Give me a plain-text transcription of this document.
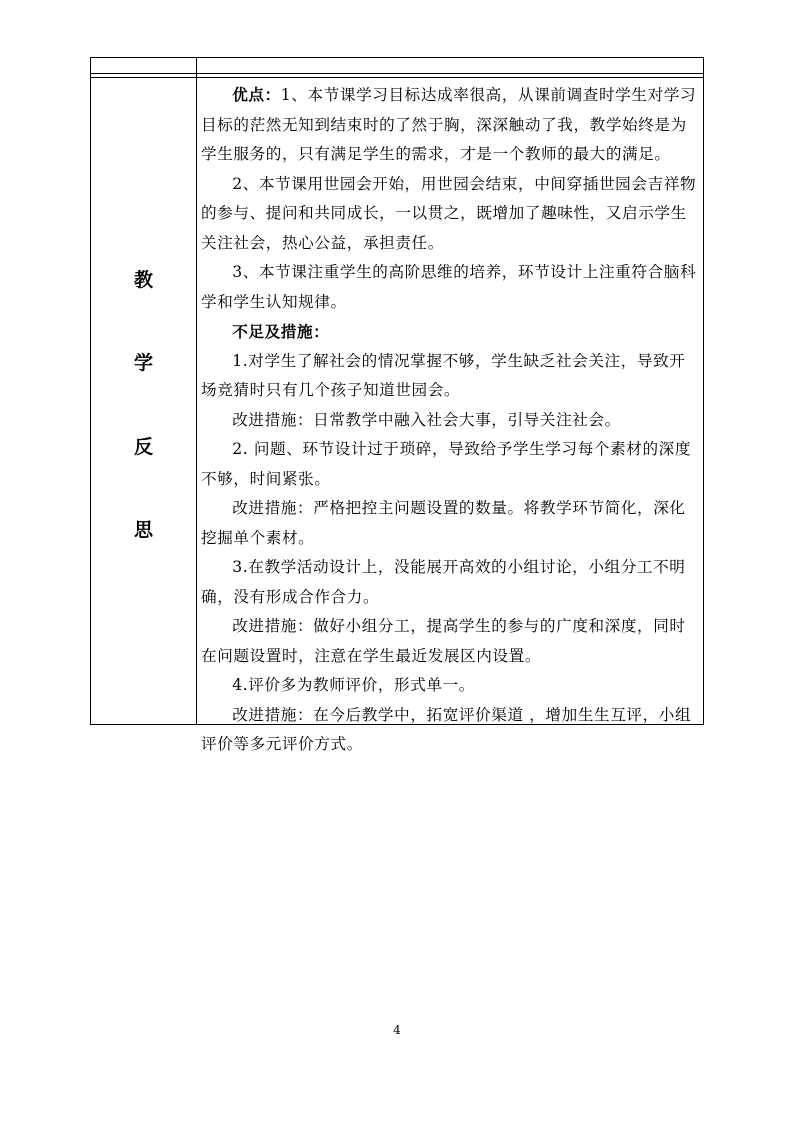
教
学
反
思

优点：1、本节课学习目标达成率很高，从课前调查时学生对学习目标的茫然无知到结束时的了然于胸，深深触动了我，教学始终是为学生服务的，只有满足学生的需求，才是一个教师的最大的满足。

2、本节课用世园会开始，用世园会结束，中间穿插世园会吉祥物的参与、提问和共同成长，一以贯之，既增加了趣味性，又启示学生关注社会，热心公益，承担责任。

3、本节课注重学生的高阶思维的培养，环节设计上注重符合脑科学和学生认知规律。

不足及措施：

1.对学生了解社会的情况掌握不够，学生缺乏社会关注，导致开场竞猜时只有几个孩子知道世园会。

改进措施：日常教学中融入社会大事，引导关注社会。

2. 问题、环节设计过于琐碎，导致给予学生学习每个素材的深度不够，时间紧张。

改进措施：严格把控主问题设置的数量。将教学环节简化，深化挖掘单个素材。

3.在教学活动设计上，没能展开高效的小组讨论，小组分工不明确，没有形成合作合力。

改进措施：做好小组分工，提高学生的参与的广度和深度，同时在问题设置时，注意在学生最近发展区内设置。

4.评价多为教师评价，形式单一。

改进措施：在今后教学中，拓宽评价渠道 ，增加生生互评，小组评价等多元评价方式。

4
